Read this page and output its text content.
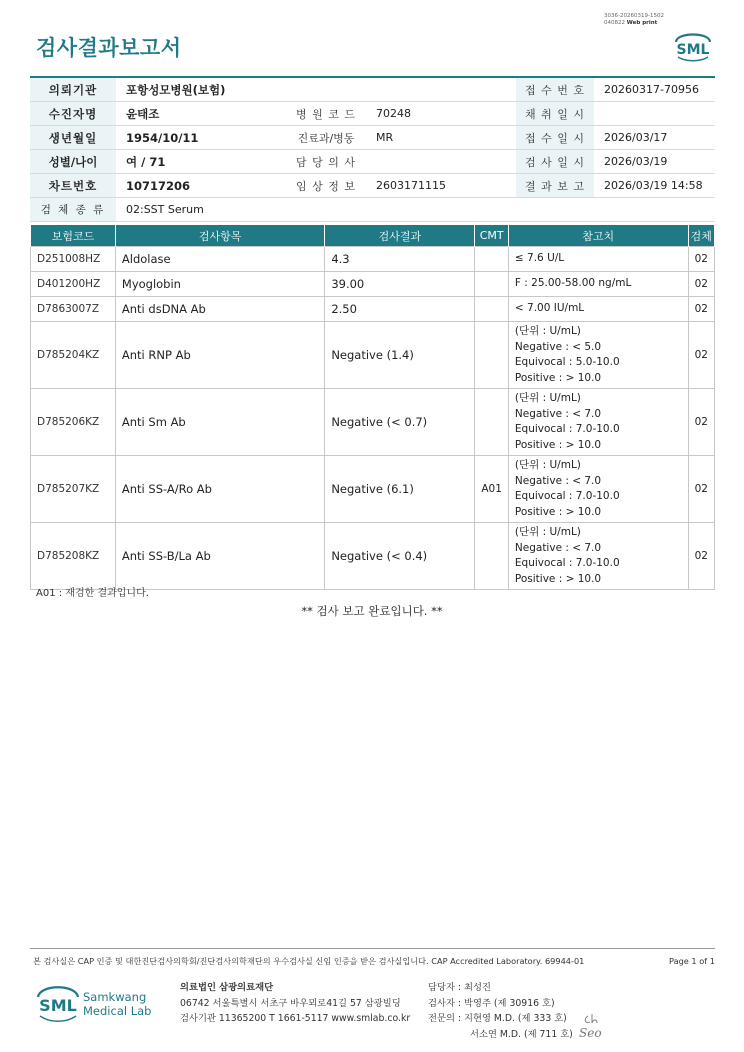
검사결과보고서
3036-20260319-1502
040822 Web print
SML
의뢰기관	포항성모병원(보험)			접 수 번 호	20260317-70956
수진자명	윤태조	병 원 코 드	70248	채 취 일 시	
생년월일	1954/10/11	진료과/병동	MR	접 수 일 시	2026/03/17
성별/나이	여 / 71	담 당 의 사		검 사 일 시	2026/03/19
차트번호	10717206	임 상 정 보	2603171115	결 과 보 고	2026/03/19 14:58
검 체 종 류	02:SST Serum				
보험코드	검사항목	검사결과	CMT	참고치	검체
D251008HZ	Aldolase	4.3		≤ 7.6 U/L	02
D401200HZ	Myoglobin	39.00		F : 25.00-58.00 ng/mL	02
D7863007Z	Anti dsDNA Ab	2.50		< 7.00 IU/mL	02
D785204KZ	Anti RNP Ab	Negative (1.4)		(단위 : U/mL)
Negative : < 5.0
Equivocal : 5.0-10.0
Positive : > 10.0	02
D785206KZ	Anti Sm Ab	Negative (< 0.7)		(단위 : U/mL)
Negative : < 7.0
Equivocal : 7.0-10.0
Positive : > 10.0	02
D785207KZ	Anti SS-A/Ro Ab	Negative (6.1)	A01	(단위 : U/mL)
Negative : < 7.0
Equivocal : 7.0-10.0
Positive : > 10.0	02
D785208KZ	Anti SS-B/La Ab	Negative (< 0.4)		(단위 : U/mL)
Negative : < 7.0
Equivocal : 7.0-10.0
Positive : > 10.0	02
A01 : 재검한 결과입니다.
** 검사 보고 완료입니다. **
본 검사실은 CAP 인증 및 대한진단검사의학회/진단검사의학재단의 우수검사실 신임 인증을 받은 검사실입니다. CAP Accredited Laboratory. 69944-01	Page 1 of 1
SML Samkwang
Medical Lab
의료법인 삼광의료재단
06742 서울특별시 서초구 바우뫼로41길 57 삼광빌딩
검사기관 11365200 T 1661-5117 www.smlab.co.kr
담당자 : 최성진
검사자 : 박영주 (제 30916 호)
전문의 : 지현영 M.D. (제 333 호)
서소연 M.D. (제 711 호) Seo
